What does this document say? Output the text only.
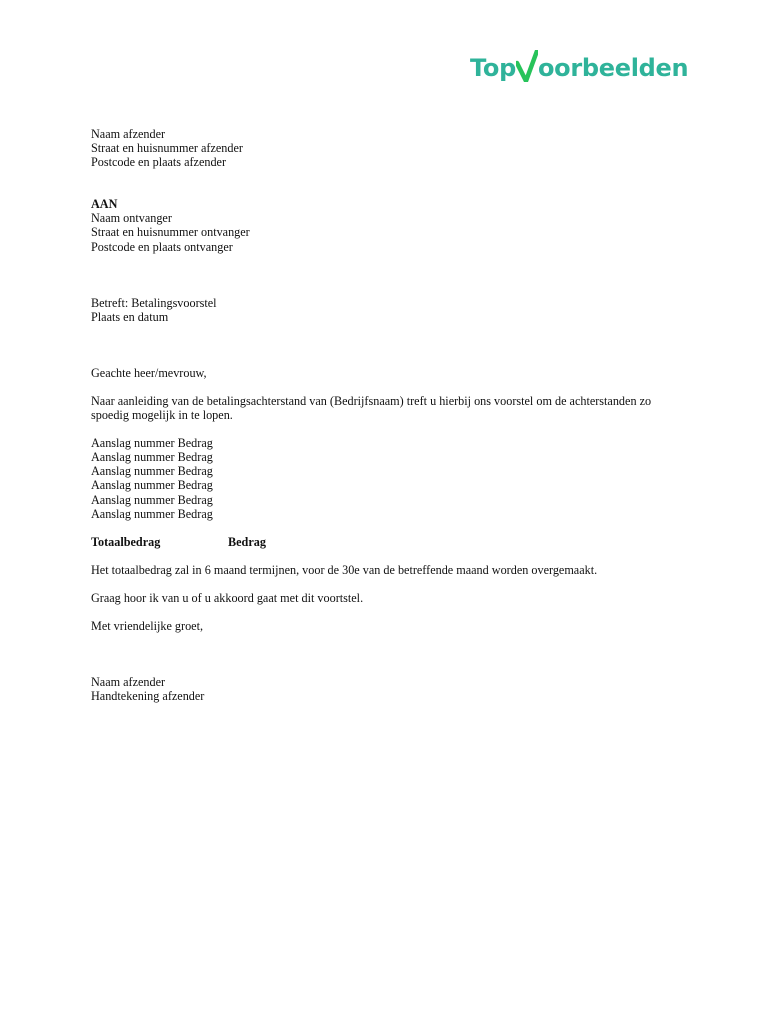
Top oorbeelden
Naam afzender
Straat en huisnummer afzender
Postcode en plaats afzender
AAN
Naam ontvanger
Straat en huisnummer ontvanger
Postcode en plaats ontvanger
Betreft: Betalingsvoorstel
Plaats en datum
Geachte heer/mevrouw,
Naar aanleiding van de betalingsachterstand van (Bedrijfsnaam) treft u hierbij ons voorstel om de achterstanden zo spoedig mogelijk in te lopen.
Aanslag nummer Bedrag
Aanslag nummer Bedrag
Aanslag nummer Bedrag
Aanslag nummer Bedrag
Aanslag nummer Bedrag
Aanslag nummer Bedrag
Totaalbedrag	Bedrag
Het totaalbedrag zal in 6 maand termijnen, voor de 30e van de betreffende maand worden overgemaakt.
Graag hoor ik van u of u akkoord gaat met dit voortstel.
Met vriendelijke groet,
Naam afzender
Handtekening afzender
